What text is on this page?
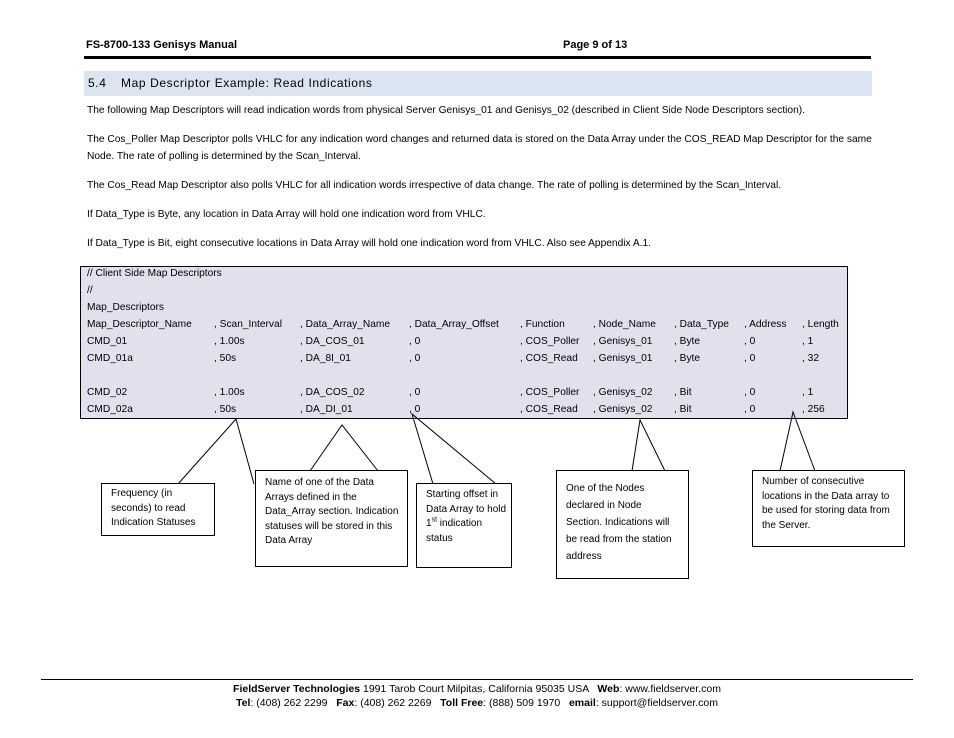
FS-8700-133 Genisys Manual	Page 9 of 13
5.4 Map Descriptor Example: Read Indications
The following Map Descriptors will read indication words from physical Server Genisys_01 and Genisys_02 (described in Client Side Node Descriptors section).
The Cos_Poller Map Descriptor polls VHLC for any indication word changes and returned data is stored on the Data Array under the COS_READ Map Descriptor for the same Node. The rate of polling is determined by the Scan_Interval.
The Cos_Read Map Descriptor also polls VHLC for all indication words irrespective of data change. The rate of polling is determined by the Scan_Interval.
If Data_Type is Byte, any location in Data Array will hold one indication word from VHLC.
If Data_Type is Bit, eight consecutive locations in Data Array will hold one indication word from VHLC. Also see Appendix A.1.
// Client Side Map Descriptors
//
Map_Descriptors
Map_Descriptor_Name , Scan_Interval , Data_Array_Name , Data_Array_Offset , Function	, Node_Name , Data_Type , Address , Length
CMD_01	, 1.00s	, DA_COS_01	, 0	, COS_Poller , Genisys_01 , Byte	, 0	, 1
CMD_01a	, 50s	, DA_8I_01	, 0	, COS_Read , Genisys_01 , Byte	, 0	, 32
CMD_02	, 1.00s	, DA_COS_02	, 0	, COS_Poller , Genisys_02 , Bit	, 0	, 1
CMD_02a	, 50s	, DA_DI_01	, 0	, COS_Read , Genisys_02 , Bit	, 0	, 256
Frequency (in seconds) to read Indication Statuses
Name of one of the Data Arrays defined in the Data_Array section. Indication statuses will be stored in this Data Array
Starting offset in Data Array to hold 1st indication status
One of the Nodes declared in Node Section. Indications will be read from the station address
Number of consecutive locations in the Data array to be used for storing data from the Server.
FieldServer Technologies 1991 Tarob Court Milpitas, California 95035 USA   Web: www.fieldserver.com
Tel: (408) 262 2299   Fax: (408) 262 2269   Toll Free: (888) 509 1970   email: support@fieldserver.com
